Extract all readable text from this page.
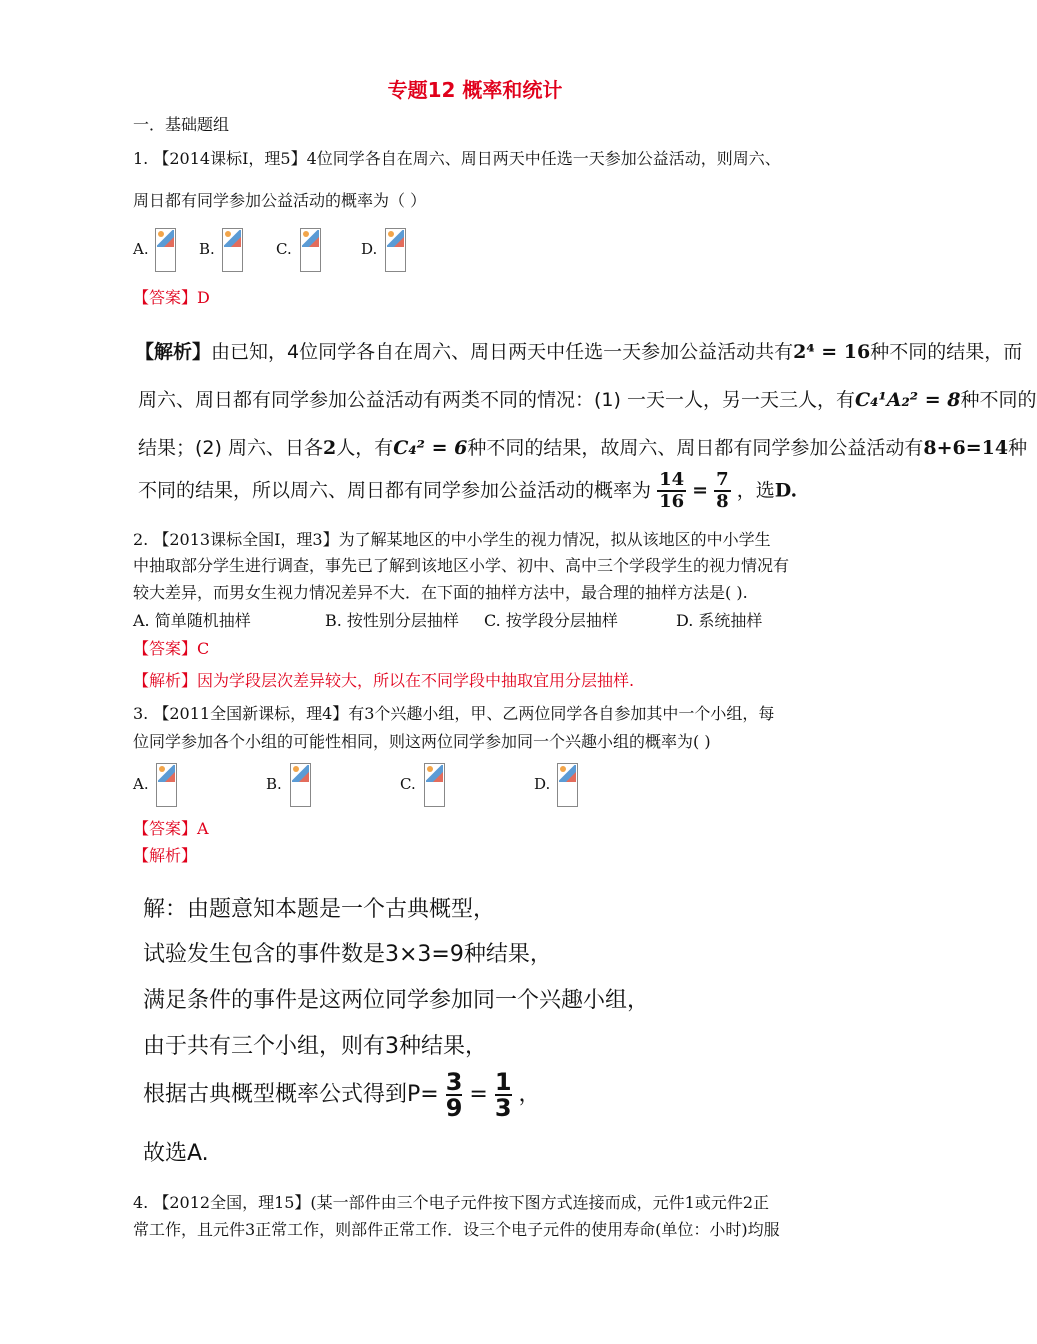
专题12 概率和统计
一．基础题组
1. 【2014课标Ⅰ，理5】4位同学各自在周六、周日两天中任选一天参加公益活动，则周六、
周日都有同学参加公益活动的概率为（ ）
A.	B.	C.	D.
【答案】D
【解析】由已知，4位同学各自在周六、周日两天中任选一天参加公益活动共有2⁴ = 16种不同的结果，而
周六、周日都有同学参加公益活动有两类不同的情况：(1) 一天一人，另一天三人，有C₄¹A₂² = 8种不同的
结果；(2) 周六、日各2人，有C₄² = 6种不同的结果，故周六、周日都有同学参加公益活动有8+6=14种
不同的结果，所以周六、周日都有同学参加公益活动的概率为 $\frac{14}{16} = \frac{7}{8}$ ，选D.
2. 【2013课标全国Ⅰ，理3】为了解某地区的中小学生的视力情况，拟从该地区的中小学生
中抽取部分学生进行调查，事先已了解到该地区小学、初中、高中三个学段学生的视力情况有
较大差异，而男女生视力情况差异不大．在下面的抽样方法中，最合理的抽样方法是( ).
A. 简单随机抽样	B. 按性别分层抽样 C. 按学段分层抽样	D. 系统抽样
【答案】C
【解析】因为学段层次差异较大，所以在不同学段中抽取宜用分层抽样.
3. 【2011全国新课标，理4】有3个兴趣小组，甲、乙两位同学各自参加其中一个小组，每
位同学参加各个小组的可能性相同，则这两位同学参加同一个兴趣小组的概率为( )
A.	B.	C.	D.
【答案】A
【解析】
解：由题意知本题是一个古典概型，
试验发生包含的事件数是3×3=9种结果，
满足条件的事件是这两位同学参加同一个兴趣小组，
由于共有三个小组，则有3种结果，
根据古典概型概率公式得到$P= \frac{3}{9} = \frac{1}{3}$ ，
故选A.
4. 【2012全国，理15】(某一部件由三个电子元件按下图方式连接而成，元件1或元件2正
常工作，且元件3正常工作，则部件正常工作．设三个电子元件的使用寿命(单位：小时)均服
